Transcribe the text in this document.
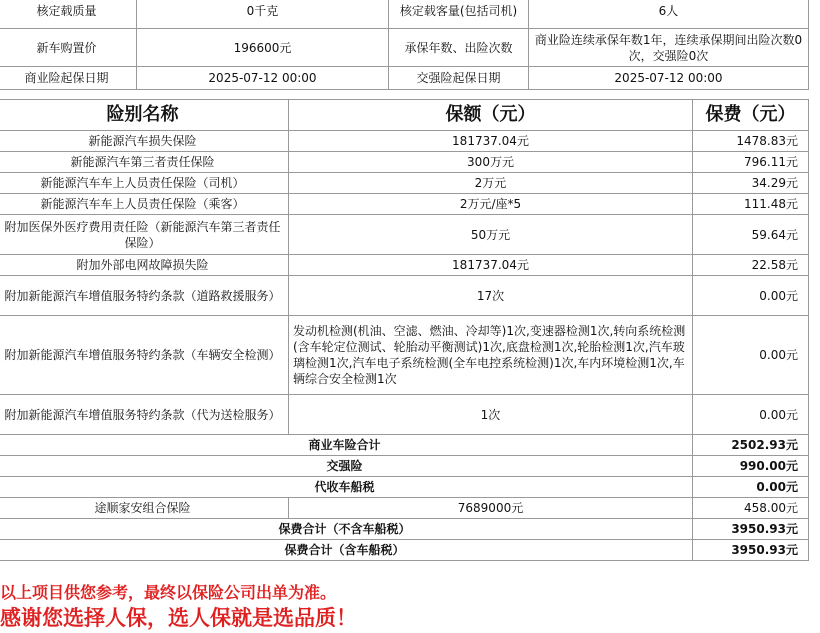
核定载质量	0千克	核定载客量(包括司机)	6人
新车购置价	196600元	承保年数、出险次数	商业险连续承保年数1年，连续承保期间出险次数0次，交强险0次
商业险起保日期	2025-07-12 00:00	交强险起保日期	2025-07-12 00:00
险别名称	保额（元）	保费（元）
新能源汽车损失保险	181737.04元	1478.83元
新能源汽车第三者责任保险	300万元	796.11元
新能源汽车车上人员责任保险（司机）	2万元	34.29元
新能源汽车车上人员责任保险（乘客）	2万元/座*5	111.48元
附加医保外医疗费用责任险（新能源汽车第三者责任保险）	50万元	59.64元
附加外部电网故障损失险	181737.04元	22.58元
附加新能源汽车增值服务特约条款（道路救援服务）	17次	0.00元
附加新能源汽车增值服务特约条款（车辆安全检测）	发动机检测(机油、空滤、燃油、冷却等)1次,变速器检测1次,转向系统检测(含车轮定位测试、轮胎动平衡测试)1次,底盘检测1次,轮胎检测1次,汽车玻璃检测1次,汽车电子系统检测(全车电控系统检测)1次,车内环境检测1次,车辆综合安全检测1次	0.00元
附加新能源汽车增值服务特约条款（代为送检服务）	1次	0.00元
商业车险合计		2502.93元
交强险		990.00元
代收车船税		0.00元
途顺家安组合保险	7689000元	458.00元
保费合计（不含车船税）		3950.93元
保费合计（含车船税）		3950.93元
以上项目供您参考，最终以保险公司出单为准。
感谢您选择人保，选人保就是选品质！
